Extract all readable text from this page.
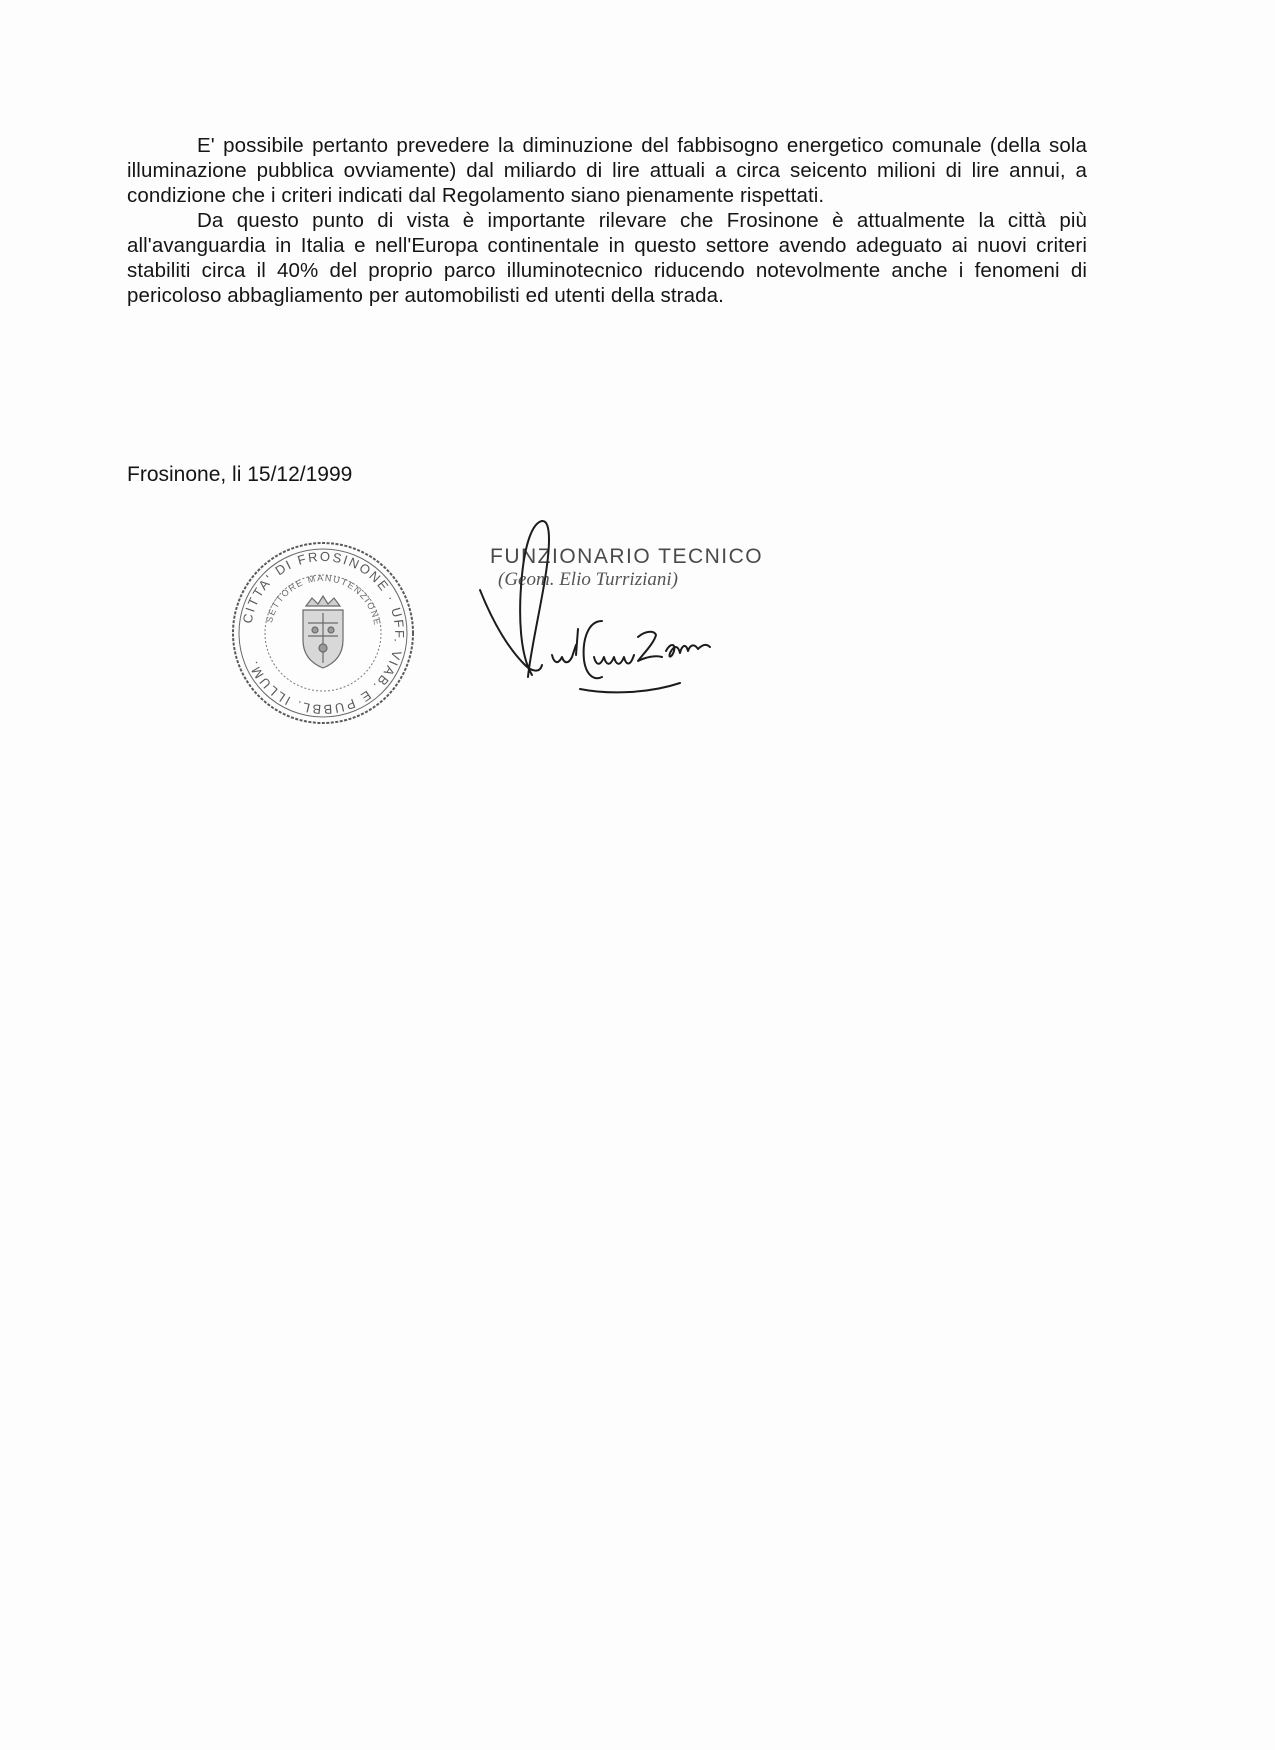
E' possibile pertanto prevedere la diminuzione del fabbisogno energetico comunale (della sola illuminazione pubblica ovviamente) dal miliardo di lire attuali a circa seicento milioni di lire annui, a condizione che i criteri indicati dal Regolamento siano pienamente rispettati.

Da questo punto di vista è importante rilevare che Frosinone è attualmente la città più all'avanguardia in Italia e nell'Europa continentale in questo settore avendo adeguato ai nuovi criteri stabiliti circa il 40% del proprio parco illuminotecnico riducendo notevolmente anche i fenomeni di pericoloso abbagliamento per automobilisti ed utenti della strada.

Frosinone, li 15/12/1999
CITTA' DI FROSINONE · UFF. VIAB. E PUBBL. ILLUM.
SETTORE MANUTENZIONE
FUNZIONARIO TECNICO
(Geom. Elio Turriziani)
